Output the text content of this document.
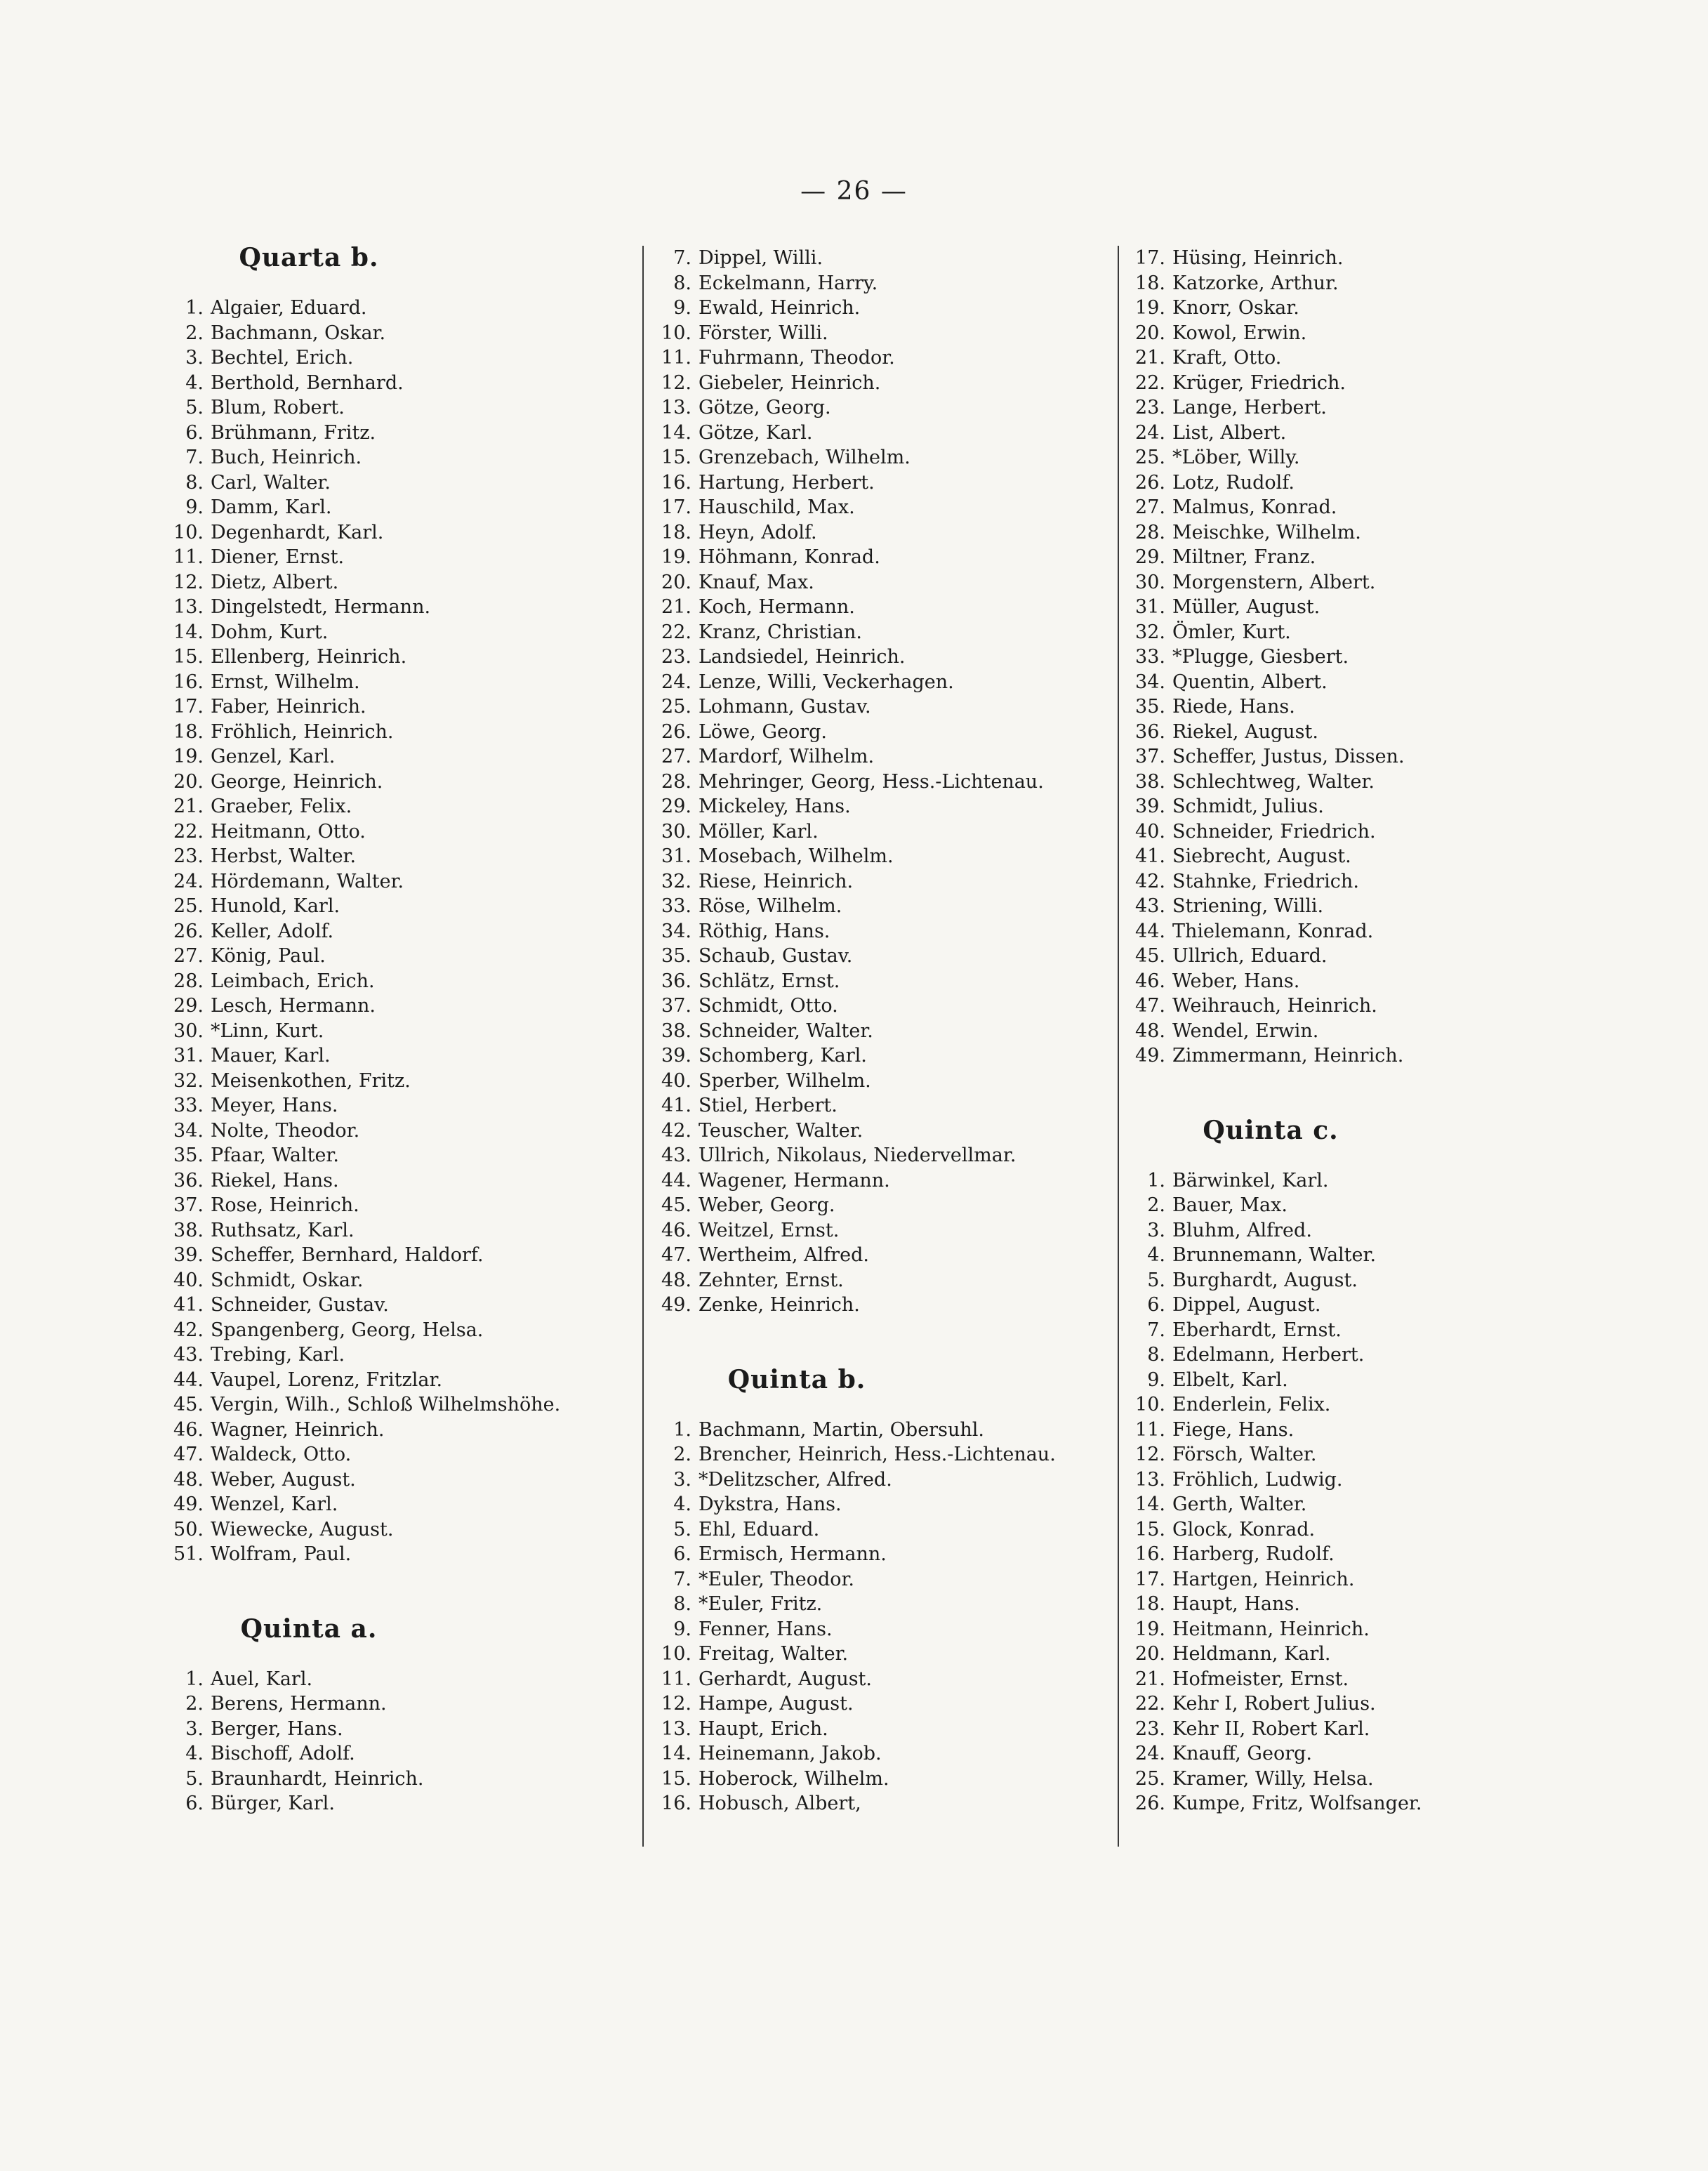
— 26 —
Quarta b.
1. Algaier, Eduard.
2. Bachmann, Oskar.
3. Bechtel, Erich.
4. Berthold, Bernhard.
5. Blum, Robert.
6. Brühmann, Fritz.
7. Buch, Heinrich.
8. Carl, Walter.
9. Damm, Karl.
10. Degenhardt, Karl.
11. Diener, Ernst.
12. Dietz, Albert.
13. Dingelstedt, Hermann.
14. Dohm, Kurt.
15. Ellenberg, Heinrich.
16. Ernst, Wilhelm.
17. Faber, Heinrich.
18. Fröhlich, Heinrich.
19. Genzel, Karl.
20. George, Heinrich.
21. Graeber, Felix.
22. Heitmann, Otto.
23. Herbst, Walter.
24. Hördemann, Walter.
25. Hunold, Karl.
26. Keller, Adolf.
27. König, Paul.
28. Leimbach, Erich.
29. Lesch, Hermann.
30. *Linn, Kurt.
31. Mauer, Karl.
32. Meisenkothen, Fritz.
33. Meyer, Hans.
34. Nolte, Theodor.
35. Pfaar, Walter.
36. Riekel, Hans.
37. Rose, Heinrich.
38. Ruthsatz, Karl.
39. Scheffer, Bernhard, Haldorf.
40. Schmidt, Oskar.
41. Schneider, Gustav.
42. Spangenberg, Georg, Helsa.
43. Trebing, Karl.
44. Vaupel, Lorenz, Fritzlar.
45. Vergin, Wilh., Schloß Wilhelmshöhe.
46. Wagner, Heinrich.
47. Waldeck, Otto.
48. Weber, August.
49. Wenzel, Karl.
50. Wiewecke, August.
51. Wolfram, Paul.
Quinta a.
1. Auel, Karl.
2. Berens, Hermann.
3. Berger, Hans.
4. Bischoff, Adolf.
5. Braunhardt, Heinrich.
6. Bürger, Karl.
7. Dippel, Willi.
8. Eckelmann, Harry.
9. Ewald, Heinrich.
10. Förster, Willi.
11. Fuhrmann, Theodor.
12. Giebeler, Heinrich.
13. Götze, Georg.
14. Götze, Karl.
15. Grenzebach, Wilhelm.
16. Hartung, Herbert.
17. Hauschild, Max.
18. Heyn, Adolf.
19. Höhmann, Konrad.
20. Knauf, Max.
21. Koch, Hermann.
22. Kranz, Christian.
23. Landsiedel, Heinrich.
24. Lenze, Willi, Veckerhagen.
25. Lohmann, Gustav.
26. Löwe, Georg.
27. Mardorf, Wilhelm.
28. Mehringer, Georg, Hess.-Lichtenau.
29. Mickeley, Hans.
30. Möller, Karl.
31. Mosebach, Wilhelm.
32. Riese, Heinrich.
33. Röse, Wilhelm.
34. Röthig, Hans.
35. Schaub, Gustav.
36. Schlätz, Ernst.
37. Schmidt, Otto.
38. Schneider, Walter.
39. Schomberg, Karl.
40. Sperber, Wilhelm.
41. Stiel, Herbert.
42. Teuscher, Walter.
43. Ullrich, Nikolaus, Niedervellmar.
44. Wagener, Hermann.
45. Weber, Georg.
46. Weitzel, Ernst.
47. Wertheim, Alfred.
48. Zehnter, Ernst.
49. Zenke, Heinrich.
Quinta b.
1. Bachmann, Martin, Obersuhl.
2. Brencher, Heinrich, Hess.-Lichtenau.
3. *Delitzscher, Alfred.
4. Dykstra, Hans.
5. Ehl, Eduard.
6. Ermisch, Hermann.
7. *Euler, Theodor.
8. *Euler, Fritz.
9. Fenner, Hans.
10. Freitag, Walter.
11. Gerhardt, August.
12. Hampe, August.
13. Haupt, Erich.
14. Heinemann, Jakob.
15. Hoberock, Wilhelm.
16. Hobusch, Albert,
17. Hüsing, Heinrich.
18. Katzorke, Arthur.
19. Knorr, Oskar.
20. Kowol, Erwin.
21. Kraft, Otto.
22. Krüger, Friedrich.
23. Lange, Herbert.
24. List, Albert.
25. *Löber, Willy.
26. Lotz, Rudolf.
27. Malmus, Konrad.
28. Meischke, Wilhelm.
29. Miltner, Franz.
30. Morgenstern, Albert.
31. Müller, August.
32. Ömler, Kurt.
33. *Plugge, Giesbert.
34. Quentin, Albert.
35. Riede, Hans.
36. Riekel, August.
37. Scheffer, Justus, Dissen.
38. Schlechtweg, Walter.
39. Schmidt, Julius.
40. Schneider, Friedrich.
41. Siebrecht, August.
42. Stahnke, Friedrich.
43. Striening, Willi.
44. Thielemann, Konrad.
45. Ullrich, Eduard.
46. Weber, Hans.
47. Weihrauch, Heinrich.
48. Wendel, Erwin.
49. Zimmermann, Heinrich.
Quinta c.
1. Bärwinkel, Karl.
2. Bauer, Max.
3. Bluhm, Alfred.
4. Brunnemann, Walter.
5. Burghardt, August.
6. Dippel, August.
7. Eberhardt, Ernst.
8. Edelmann, Herbert.
9. Elbelt, Karl.
10. Enderlein, Felix.
11. Fiege, Hans.
12. Försch, Walter.
13. Fröhlich, Ludwig.
14. Gerth, Walter.
15. Glock, Konrad.
16. Harberg, Rudolf.
17. Hartgen, Heinrich.
18. Haupt, Hans.
19. Heitmann, Heinrich.
20. Heldmann, Karl.
21. Hofmeister, Ernst.
22. Kehr I, Robert Julius.
23. Kehr II, Robert Karl.
24. Knauff, Georg.
25. Kramer, Willy, Helsa.
26. Kumpe, Fritz, Wolfsanger.
